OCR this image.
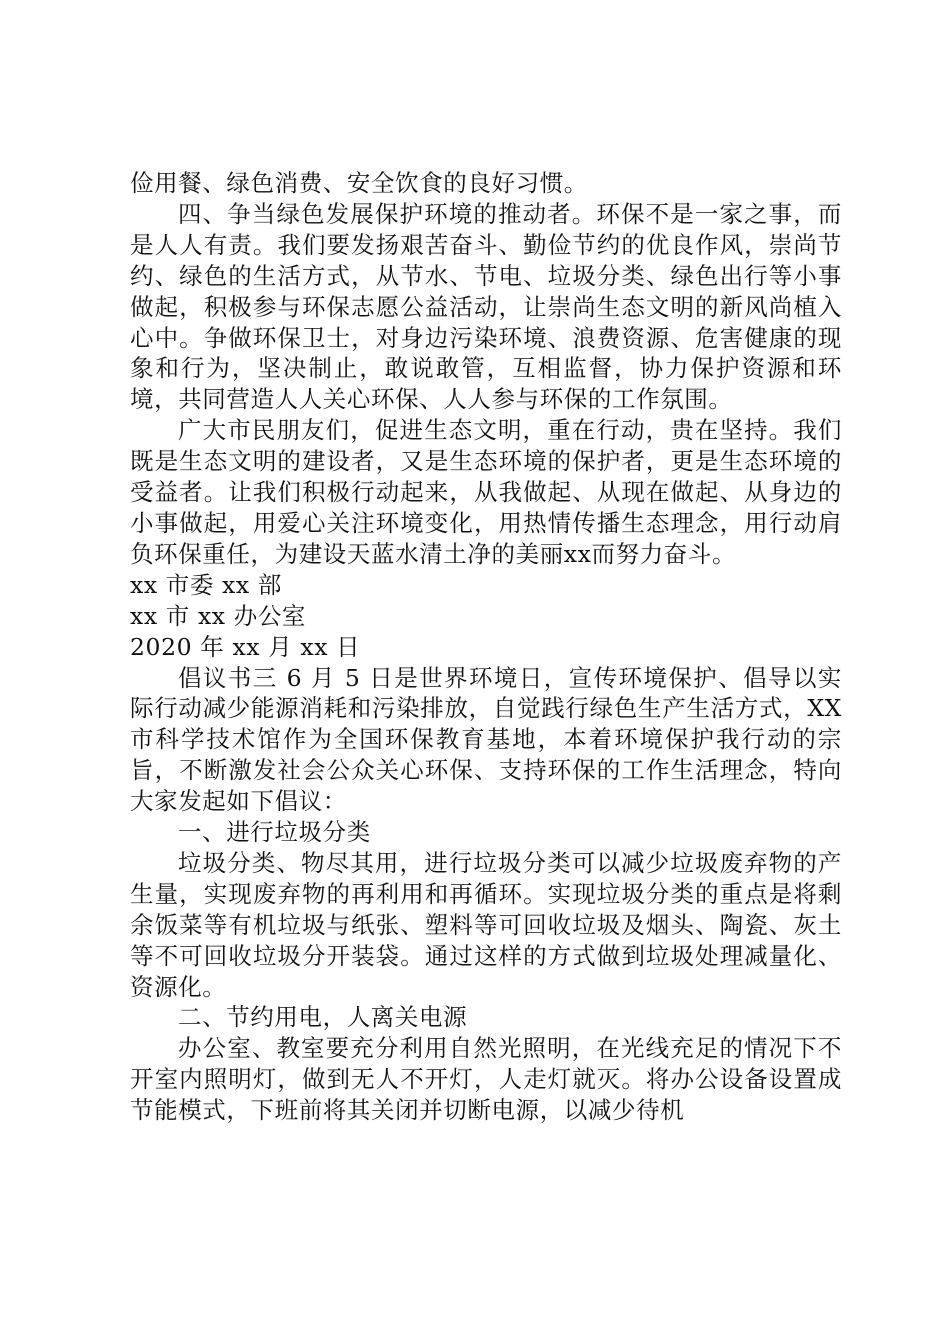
俭用餐、绿色消费、安全饮食的良好习惯。

四、争当绿色发展保护环境的推动者。环保不是一家之事，而是人人有责。我们要发扬艰苦奋斗、勤俭节约的优良作风，崇尚节约、绿色的生活方式，从节水、节电、垃圾分类、绿色出行等小事做起，积极参与环保志愿公益活动，让崇尚生态文明的新风尚植入心中。争做环保卫士，对身边污染环境、浪费资源、危害健康的现象和行为，坚决制止，敢说敢管，互相监督，协力保护资源和环境，共同营造人人关心环保、人人参与环保的工作氛围。

广大市民朋友们，促进生态文明，重在行动，贵在坚持。我们既是生态文明的建设者，又是生态环境的保护者，更是生态环境的受益者。让我们积极行动起来，从我做起、从现在做起、从身边的小事做起，用爱心关注环境变化，用热情传播生态理念，用行动肩负环保重任，为建设天蓝水清土净的美丽xx而努力奋斗。

xx 市委 xx 部

xx 市 xx 办公室

2020 年 xx 月 xx 日

倡议书三 6 月 5 日是世界环境日，宣传环境保护、倡导以实际行动减少能源消耗和污染排放，自觉践行绿色生产生活方式，XX 市科学技术馆作为全国环保教育基地，本着环境保护我行动的宗旨，不断激发社会公众关心环保、支持环保的工作生活理念，特向大家发起如下倡议：

一、进行垃圾分类

垃圾分类、物尽其用，进行垃圾分类可以减少垃圾废弃物的产生量，实现废弃物的再利用和再循环。实现垃圾分类的重点是将剩余饭菜等有机垃圾与纸张、塑料等可回收垃圾及烟头、陶瓷、灰土等不可回收垃圾分开装袋。通过这样的方式做到垃圾处理减量化、资源化。

二、节约用电，人离关电源

办公室、教室要充分利用自然光照明，在光线充足的情况下不开室内照明灯，做到无人不开灯，人走灯就灭。将办公设备设置成节能模式，下班前将其关闭并切断电源，以减少待机
